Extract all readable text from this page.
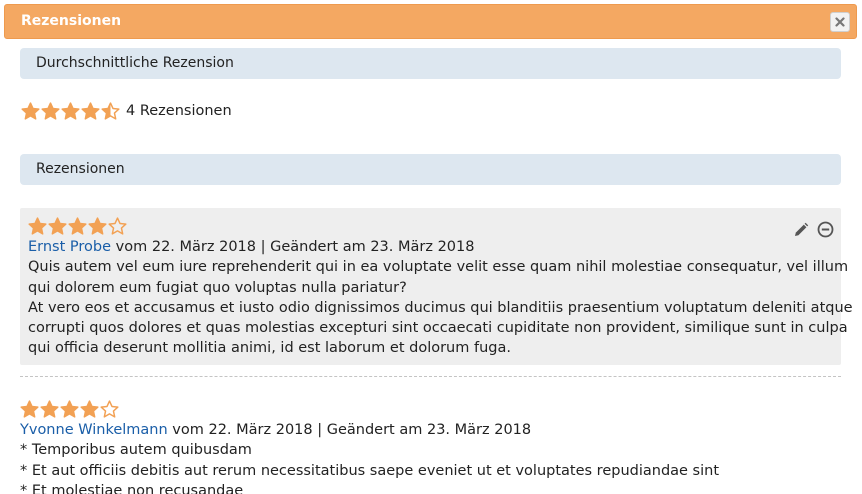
Rezensionen
Durchschnittliche Rezension
4 Rezensionen
Rezensionen
Ernst Probe vom 22. März 2018 | Geändert am 23. März 2018
Quis autem vel eum iure reprehenderit qui in ea voluptate velit esse quam nihil molestiae consequatur, vel illum
qui dolorem eum fugiat quo voluptas nulla pariatur?
At vero eos et accusamus et iusto odio dignissimos ducimus qui blanditiis praesentium voluptatum deleniti atque
corrupti quos dolores et quas molestias excepturi sint occaecati cupiditate non provident, similique sunt in culpa
qui officia deserunt mollitia animi, id est laborum et dolorum fuga.
Yvonne Winkelmann vom 22. März 2018 | Geändert am 23. März 2018
* Temporibus autem quibusdam
* Et aut officiis debitis aut rerum necessitatibus saepe eveniet ut et voluptates repudiandae sint
* Et molestiae non recusandae
